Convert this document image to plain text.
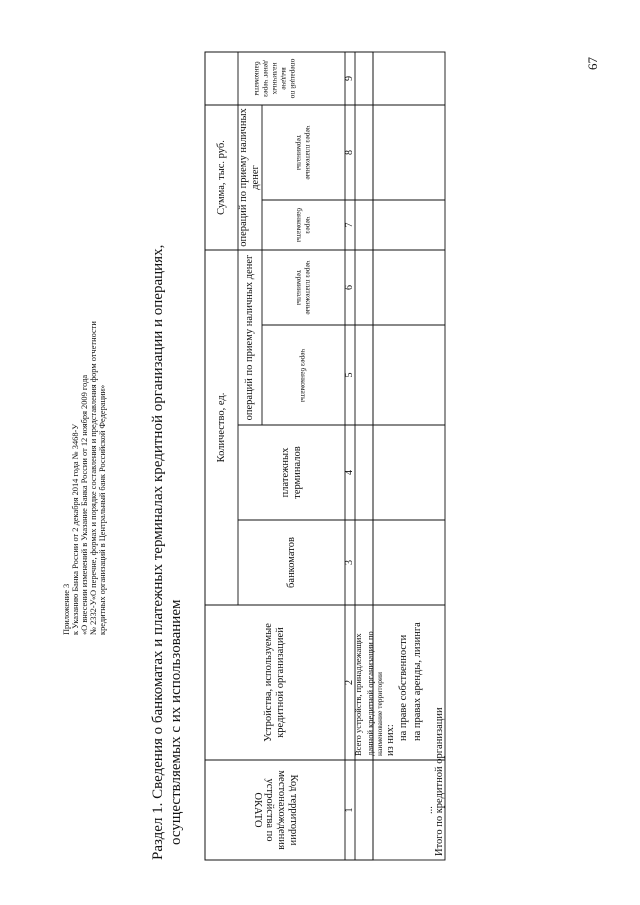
Приложение 3 к Указанию Банка России от 2 декабря 2014 года № 3468-У «О внесении изменений в Указание Банка России от 12 ноября 2009 года № 2332-У«О перечне, формах и порядке составления и представления форм отчетности кредитных организаций в Центральный банк Российской Федерации»	Раздел 1. Сведения о банкоматах и платежных терминалах кредитной организации и операциях, осуществляемых с их использованием
67
Код территории местонахождения устройства по ОКАТО
Устройства, используемые кредитной организацией
Количество, ед.
Сумма, тыс. руб.
банкоматов
платежных терминалов
операций по приему наличных денег
операций по приему наличных денег
через банкоматы
через платежные терминалы
через банкоматы
через платежные терминалы
операций по выдаче наличных денег через банкоматы
1
2
3
4
5
6
7
8
9
Всего устройств, принадлежащих данной кредитной организации по наименование территории из них: на праве собственности на правах аренды, лизинга
... Итого по кредитной организации
